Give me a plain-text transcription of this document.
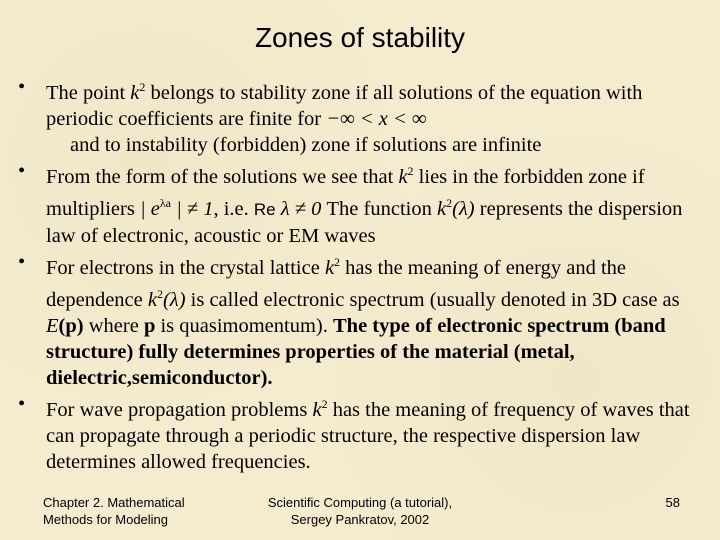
Zones of stability
• The point $k^2$ belongs to stability zone if all solutions of the equation with periodic coefficients are finite for −∞ < x < ∞
and to instability (forbidden) zone if solutions are infinite
• From the form of the solutions we see that $k^2$ lies in the forbidden zone if multipliers | $e^{\lambda a}$ | ≠ 1, i.e. Re λ ≠ 0 The function $k^2(\lambda)$ represents the dispersion law of electronic, acoustic or EM waves
• For electrons in the crystal lattice $k^2$ has the meaning of energy and the dependence $k^2(\lambda)$ is called electronic spectrum (usually denoted in 3D case as E(p) where p is quasimomentum). The type of electronic spectrum (band structure) fully determines properties of the material (metal, dielectric,semiconductor).
• For wave propagation problems $k^2$ has the meaning of frequency of waves that can propagate through a periodic structure, the respective dispersion law determines allowed frequencies.
Chapter 2. Mathematical
Methods for Modeling
Scientific Computing (a tutorial),
Sergey Pankratov, 2002
58
